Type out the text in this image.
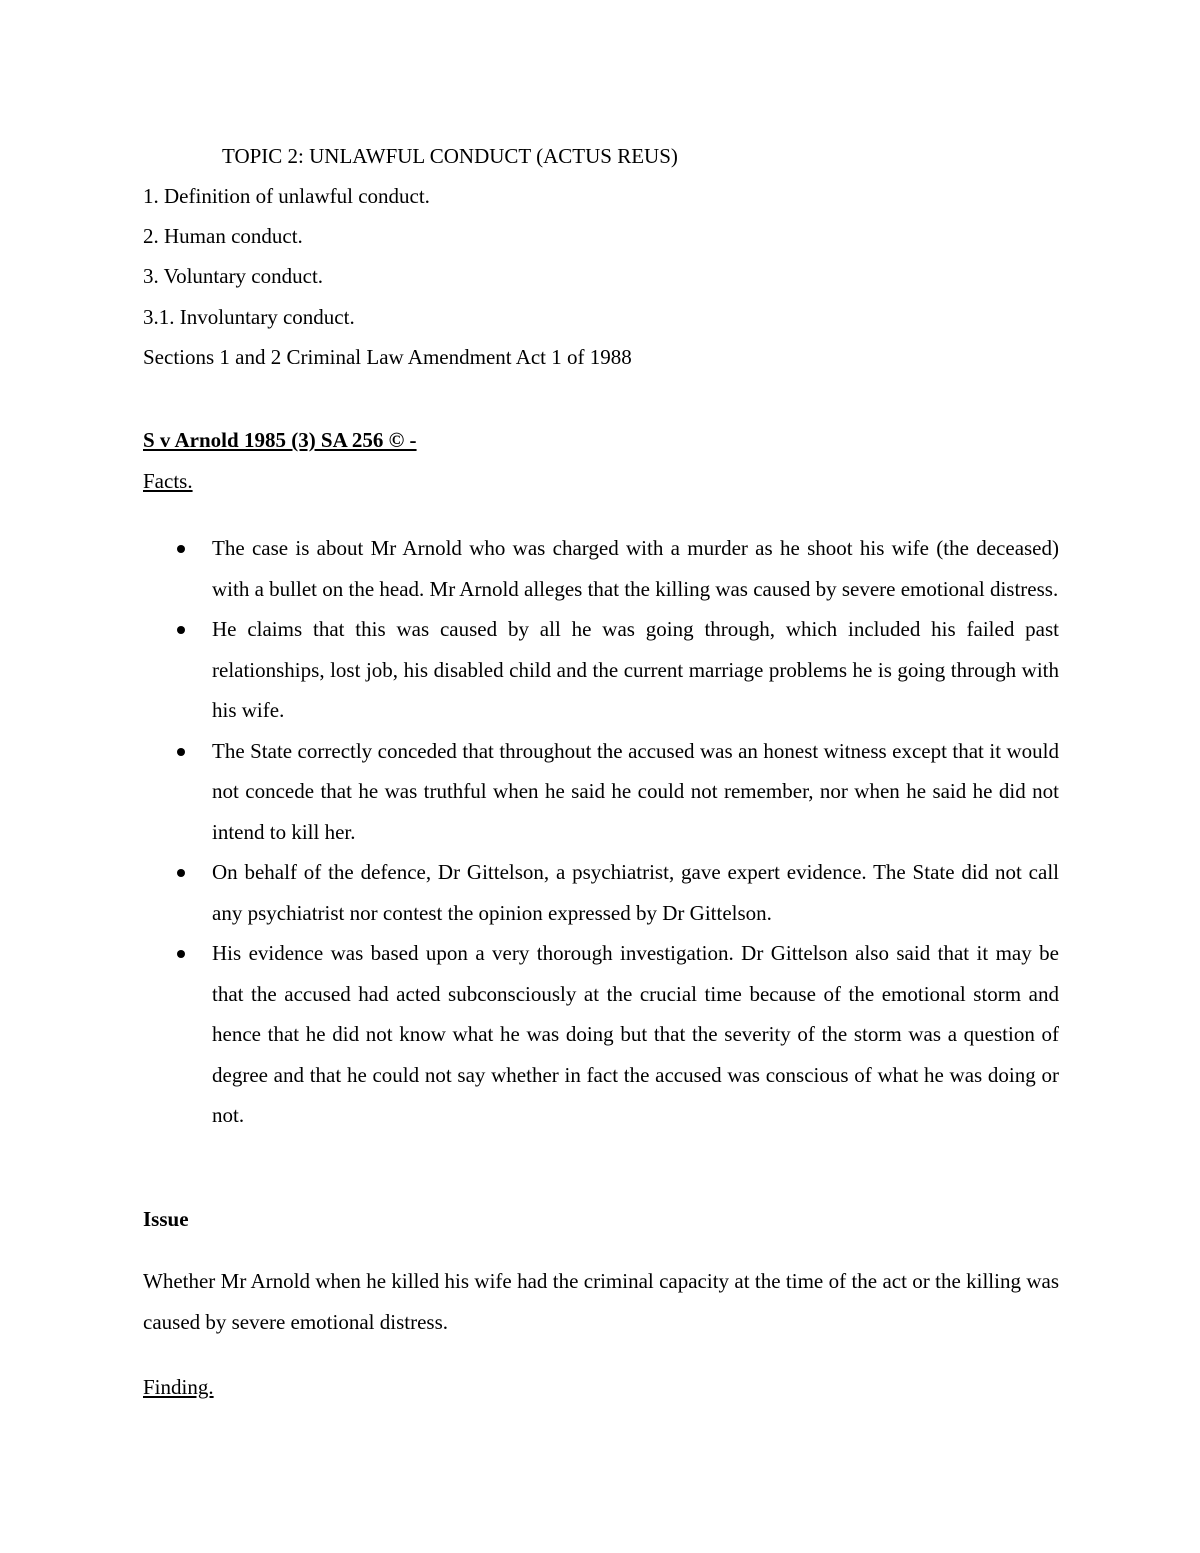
TOPIC 2: UNLAWFUL CONDUCT (ACTUS REUS)
1. Definition of unlawful conduct.
2. Human conduct.
3. Voluntary conduct.
3.1. Involuntary conduct.
Sections 1 and 2 Criminal Law Amendment Act 1 of 1988
S v Arnold 1985 (3) SA 256 © -
Facts.
The case is about Mr Arnold who was charged with a murder as he shoot his wife (the deceased) with a bullet on the head. Mr Arnold alleges that the killing was caused by severe emotional distress.
He claims that this was caused by all he was going through, which included his failed past relationships, lost job, his disabled child and the current marriage problems he is going through with his wife.
The State correctly conceded that throughout the accused was an honest witness except that it would not concede that he was truthful when he said he could not remember, nor when he said he did not intend to kill her.
On behalf of the defence, Dr Gittelson, a psychiatrist, gave expert evidence. The State did not call any psychiatrist nor contest the opinion expressed by Dr Gittelson.
His evidence was based upon a very thorough investigation. Dr Gittelson also said that it may be that the accused had acted subconsciously at the crucial time because of the emotional storm and hence that he did not know what he was doing but that the severity of the storm was a question of degree and that he could not say whether in fact the accused was conscious of what he was doing or not.
Issue
Whether Mr Arnold when he killed his wife had the criminal capacity at the time of the act or the killing was caused by severe emotional distress.
Finding.
